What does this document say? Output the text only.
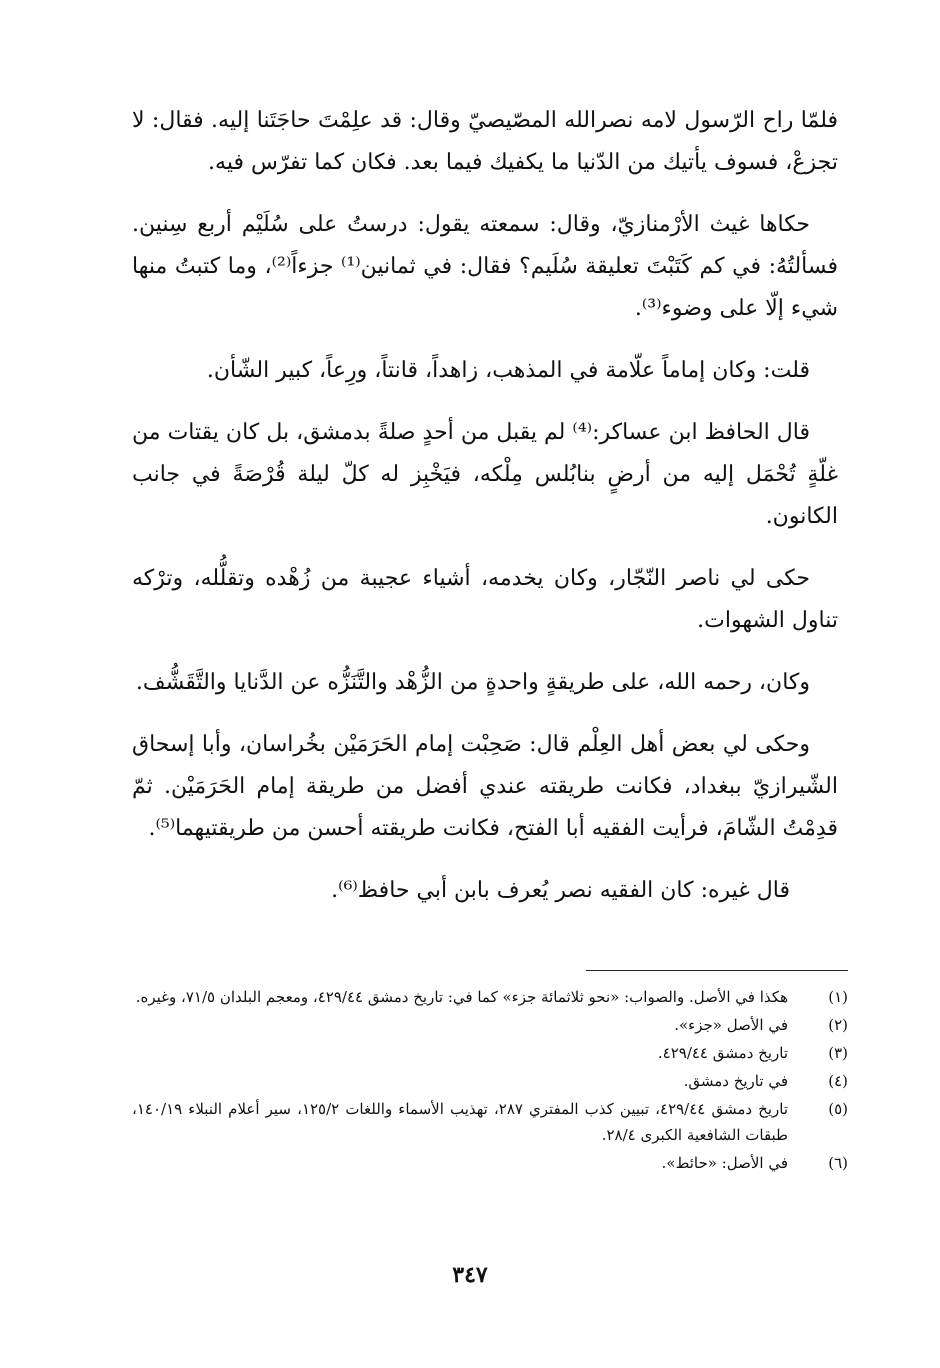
فلمّا راح الرّسول لامه نصرالله المصّيصيّ وقال: قد علِمْتَ حاجَتَنا إليه. فقال: لا تجزعْ، فسوف يأتيك من الدّنيا ما يكفيك فيما بعد. فكان كما تفرّس فيه.

حكاها غيث الأرْمنازيّ، وقال: سمعته يقول: درستُ على سُلَيْم أربع سِنين. فسألتُهُ: في كم كَتَبْتَ تعليقة سُلَيم؟ فقال: في ثمانين⁽¹⁾ جزءاً⁽²⁾، وما كتبتُ منها شيء إلّا على وضوء⁽³⁾.

قلت: وكان إماماً علّامة في المذهب، زاهداً، قانتاً، ورِعاً، كبير الشّأن.

قال الحافظ ابن عساكر:⁽⁴⁾ لم يقبل من أحدٍ صلةً بدمشق، بل كان يقتات من غلّةٍ تُحْمَل إليه من أرضٍ بنابُلس مِلْكه، فيَخْبِز له كلّ ليلة قُرْصَةً في جانب الكانون.

حكى لي ناصر النّجّار، وكان يخدمه، أشياء عجيبة من زُهْده وتقلُّله، وترْكه تناول الشهوات.

وكان، رحمه الله، على طريقةٍ واحدةٍ من الزُّهْد والتَّنَزُّه عن الدَّنايا والتَّقَشُّف.

وحكى لي بعض أهل العِلْم قال: صَحِبْت إمام الحَرَمَيْن بخُراسان، وأبا إسحاق الشّيرازيّ ببغداد، فكانت طريقته عندي أفضل من طريقة إمام الحَرَمَيْن. ثمّ قدِمْتُ الشّامَ، فرأيت الفقيه أبا الفتح، فكانت طريقته أحسن من طريقتيهما⁽⁵⁾.

قال غيره: كان الفقيه نصر يُعرف بابن أبي حافظ⁽⁶⁾.

(١)
هكذا في الأصل. والصواب: «نحو ثلاثمائة جزء» كما في: تاريخ دمشق ٤٢٩/٤٤، ومعجم البلدان ٧١/٥، وغيره.
(٢)
في الأصل «جزء».
(٣)
تاريخ دمشق ٤٢٩/٤٤.
(٤)
في تاريخ دمشق.
(٥)
تاريخ دمشق ٤٢٩/٤٤، تبيين كذب المفتري ٢٨٧، تهذيب الأسماء واللغات ١٢٥/٢، سير أعلام النبلاء ١٤٠/١٩، طبقات الشافعية الكبرى ٢٨/٤.
(٦)
في الأصل: «حائط».
٣٤٧
